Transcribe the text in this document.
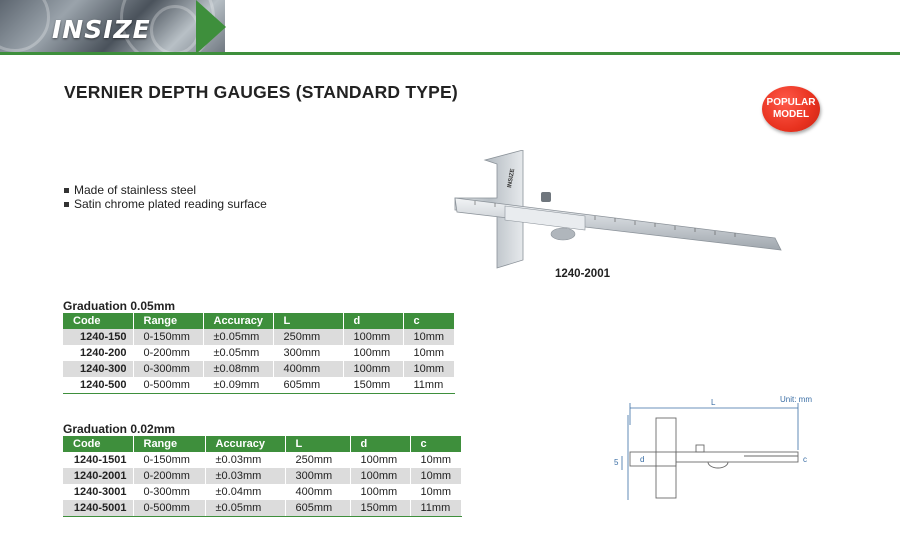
INSIZE
VERNIER DEPTH GAUGES (STANDARD TYPE)
POPULAR
MODEL
Made of stainless steel
Satin chrome plated reading surface
INSIZE
1240-2001
Graduation 0.05mm
Code	Range	Accuracy	L	d	c
1240-150	0-150mm	±0.05mm	250mm	100mm	10mm
1240-200	0-200mm	±0.05mm	300mm	100mm	10mm
1240-300	0-300mm	±0.08mm	400mm	100mm	10mm
1240-500	0-500mm	±0.09mm	605mm	150mm	11mm
Graduation 0.02mm
Code	Range	Accuracy	L	d	c
1240-1501	0-150mm	±0.03mm	250mm	100mm	10mm
1240-2001	0-200mm	±0.03mm	300mm	100mm	10mm
1240-3001	0-300mm	±0.04mm	400mm	100mm	10mm
1240-5001	0-500mm	±0.05mm	605mm	150mm	11mm
Unit: mm
L
d
5	c
